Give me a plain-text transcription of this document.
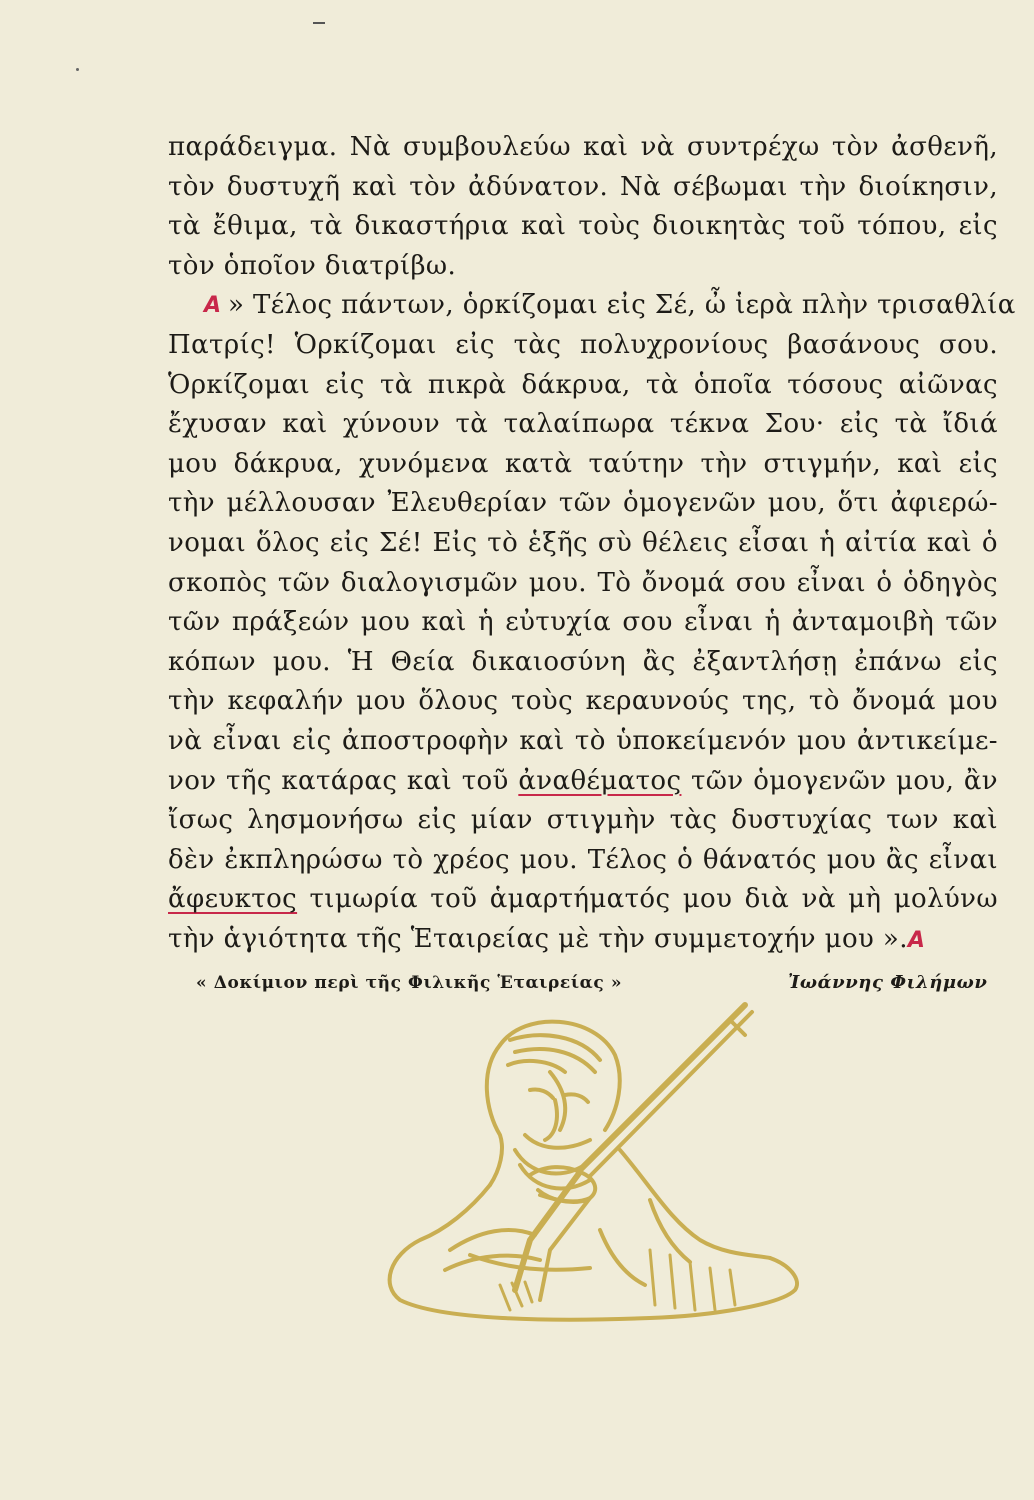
παράδειγμα. Νὰ συμβουλεύω καὶ νὰ συντρέχω τὸν ἀσθενῆ,
τὸν δυστυχῆ καὶ τὸν ἀδύνατον. Νὰ σέβωμαι τὴν διοίκησιν,
τὰ ἔθιμα, τὰ δικαστήρια καὶ τοὺς διοικητὰς τοῦ τόπου, εἰς
τὸν ὁποῖον διατρίβω.
A » Τέλος πάντων, ὁρκίζομαι εἰς Σέ, ὦ ἱερὰ πλὴν τρισαθλία
Πατρίς! Ὁρκίζομαι εἰς τὰς πολυχρονίους βασάνους σου.
Ὁρκίζομαι εἰς τὰ πικρὰ δάκρυα, τὰ ὁποῖα τόσους αἰῶνας
ἔχυσαν καὶ χύνουν τὰ ταλαίπωρα τέκνα Σου· εἰς τὰ ἴδιά
μου δάκρυα, χυνόμενα κατὰ ταύτην τὴν στιγμήν, καὶ εἰς
τὴν μέλλουσαν Ἐλευθερίαν τῶν ὁμογενῶν μου, ὅτι ἀφιερώ-
νομαι ὅλος εἰς Σέ! Εἰς τὸ ἑξῆς σὺ θέλεις εἶσαι ἡ αἰτία καὶ ὁ
σκοπὸς τῶν διαλογισμῶν μου. Τὸ ὄνομά σου εἶναι ὁ ὁδηγὸς
τῶν πράξεών μου καὶ ἡ εὐτυχία σου εἶναι ἡ ἀνταμοιβὴ τῶν
κόπων μου. Ἡ Θεία δικαιοσύνη ἂς ἐξαντλήσῃ ἐπάνω εἰς
τὴν κεφαλήν μου ὅλους τοὺς κεραυνούς της, τὸ ὄνομά μου
νὰ εἶναι εἰς ἀποστροφὴν καὶ τὸ ὑποκείμενόν μου ἀντικείμε-
νον τῆς κατάρας καὶ τοῦ ἀναθέματος τῶν ὁμογενῶν μου, ἂν
ἴσως λησμονήσω εἰς μίαν στιγμὴν τὰς δυστυχίας των καὶ
δὲν ἐκπληρώσω τὸ χρέος μου. Τέλος ὁ θάνατός μου ἂς εἶναι
ἄφευκτος τιμωρία τοῦ ἁμαρτήματός μου διὰ νὰ μὴ μολύνω
τὴν ἁγιότητα τῆς Ἑταιρείας μὲ τὴν συμμετοχήν μου ».A
« Δοκίμιον περὶ τῆς Φιλικῆς Ἑταιρείας »	Ἰωάννης Φιλήμων
